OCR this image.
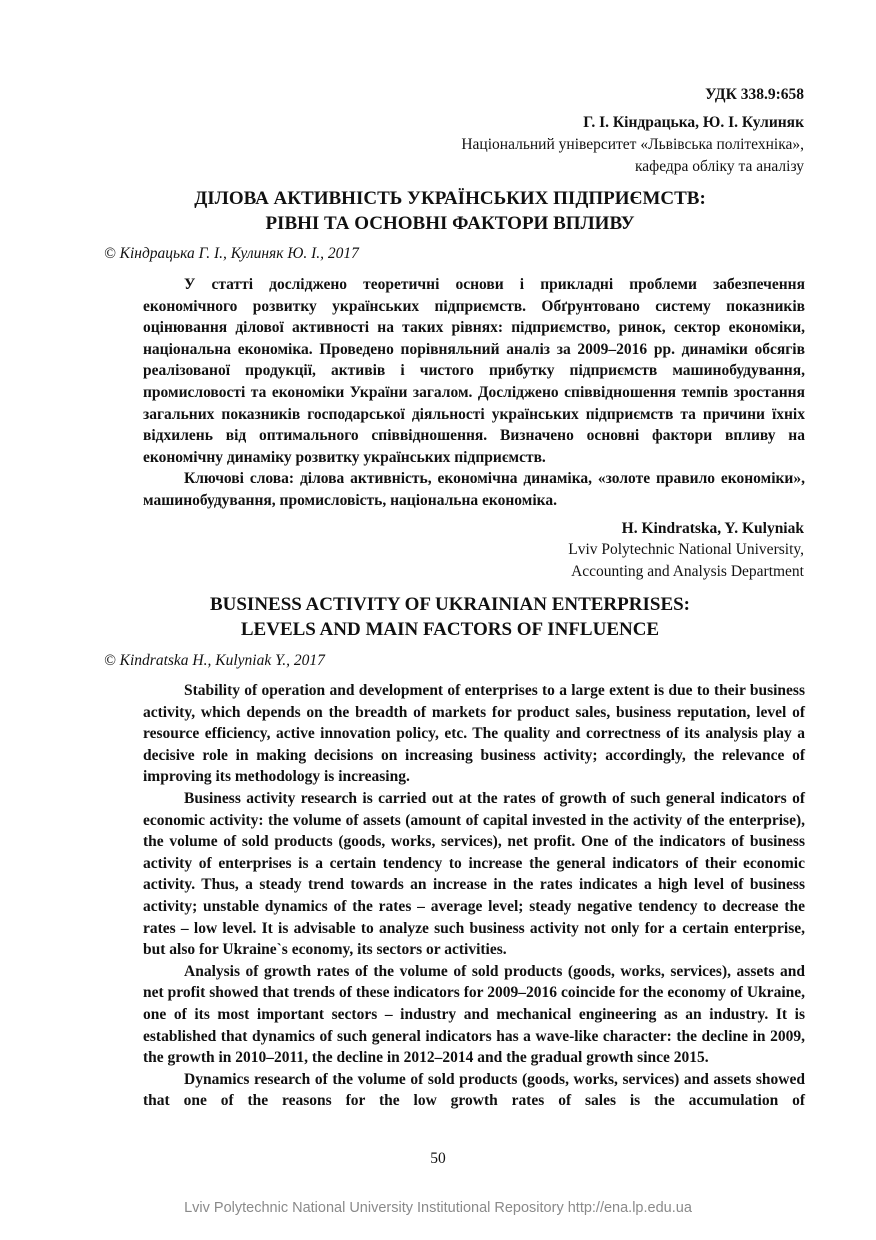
УДК 338.9:658
Г. І. Кіндрацька, Ю. І. Кулиняк
Національний університет «Львівська політехніка»,
кафедра обліку та аналізу
ДІЛОВА АКТИВНІСТЬ УКРАЇНСЬКИХ ПІДПРИЄМСТВ:
РІВНІ ТА ОСНОВНІ ФАКТОРИ ВПЛИВУ
© Кіндрацька Г. І., Кулиняк Ю. І., 2017

У статті досліджено теоретичні основи і прикладні проблеми забезпечення економічного розвитку українських підприємств. Обґрунтовано систему показників оцінювання ділової активності на таких рівнях: підприємство, ринок, сектор економіки, національна економіка. Проведено порівняльний аналіз за 2009–2016 рр. динаміки обсягів реалізованої продукції, активів і чистого прибутку підприємств машинобудування, промисловості та економіки України загалом. Досліджено співвідношення темпів зростання загальних показників господарської діяльності українських підприємств та причини їхніх відхилень від оптимального співвідношення. Визначено основні фактори впливу на економічну динаміку розвитку українських підприємств.

Ключові слова: ділова активність, економічна динаміка, «золоте правило економіки», машинобудування, промисловість, національна економіка.

H. Kindratska, Y. Kulyniak
Lviv Polytechnic National University,
Accounting and Analysis Department
BUSINESS ACTIVITY OF UKRAINIAN ENTERPRISES:
LEVELS AND MAIN FACTORS OF INFLUENCE
© Kindratska H., Kulyniak Y., 2017

Stability of operation and development of enterprises to a large extent is due to their business activity, which depends on the breadth of markets for product sales, business reputation, level of resource efficiency, active innovation policy, etc. The quality and correctness of its analysis play a decisive role in making decisions on increasing business activity; accordingly, the relevance of improving its methodology is increasing.

Business activity research is carried out at the rates of growth of such general indicators of economic activity: the volume of assets (amount of capital invested in the activity of the enterprise), the volume of sold products (goods, works, services), net profit. One of the indicators of business activity of enterprises is a certain tendency to increase the general indicators of their economic activity. Thus, a steady trend towards an increase in the rates indicates a high level of business activity; unstable dynamics of the rates – average level; steady negative tendency to decrease the rates – low level. It is advisable to analyze such business activity not only for a certain enterprise, but also for Ukraine`s economy, its sectors or activities.

Analysis of growth rates of the volume of sold products (goods, works, services), assets and net profit showed that trends of these indicators for 2009–2016 coincide for the economy of Ukraine, one of its most important sectors – industry and mechanical engineering as an industry. It is established that dynamics of such general indicators has a wave-like character: the decline in 2009, the growth in 2010–2011, the decline in 2012–2014 and the gradual growth since 2015.

Dynamics research of the volume of sold products (goods, works, services) and assets showed that one of the reasons for the low growth rates of sales is the accumulation of

50
Lviv Polytechnic National University Institutional Repository http://ena.lp.edu.ua
